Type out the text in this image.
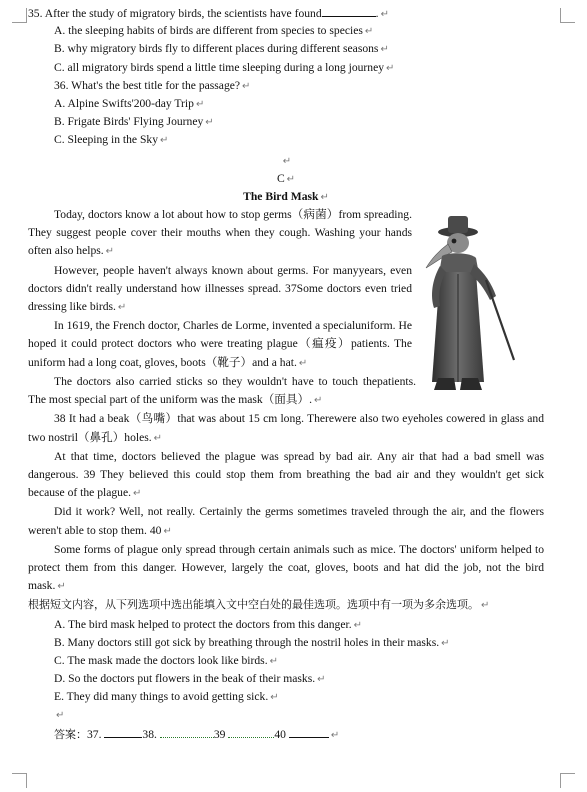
35. After the study of migratory birds, the scientists have found	. ↵
A. the sleeping habits of birds are different from species to species ↵
B. why migratory birds fly to different places during different seasons ↵
C. all migratory birds spend a little time sleeping during a long journey ↵
36. What's the best title for the passage? ↵
A. Alpine Swifts'200-day Trip ↵
B. Frigate Birds' Flying Journey ↵
C. Sleeping in the Sky ↵
↵
C ↵
The Bird Mask ↵

Today, doctors know a lot about how to stop germs（病菌）from spreading. They suggest people cover their mouths when they cough. Washing your hands often also helps. ↵

However, people haven't always known about germs. For manyyears, even doctors didn't really understand how illnesses spread. 37Some doctors even tried dressing like birds. ↵

In 1619, the French doctor, Charles de Lorme, invented a specialuniform. He hoped it could protect doctors who were treating plague（瘟疫）patients. The uniform had a long coat, gloves, boots（靴子）and a hat. ↵

The doctors also carried sticks so they wouldn't have to touch thepatients. The most special part of the uniform was the mask（面具）. ↵

38 It had a beak（鸟嘴）that was about 15 cm long. Therewere also two eyeholes cowered in glass and two nostril（鼻孔）holes. ↵

At that time, doctors believed the plague was spread by bad air. Any air that had a bad smell was dangerous. 39 They believed this could stop them from breathing the bad air and they wouldn't get sick because of the plague. ↵

Did it work? Well, not really. Certainly the germs sometimes traveled through the air, and the flowers weren't able to stop them. 40 ↵

Some forms of plague only spread through certain animals such as mice. The doctors' uniform helped to protect them from this danger. However, largely the coat, gloves, boots and hat did the job, not the bird mask. ↵

根据短文内容，从下列选项中选出能填入文中空白处的最佳选项。选项中有一项为多余选项。 ↵

A. The bird mask helped to protect the doctors from this danger. ↵
B. Many doctors still got sick by breathing through the nostril holes in their masks. ↵
C. The mask made the doctors look like birds. ↵
D. So the doctors put flowers in the beak of their masks. ↵
E. They did many things to avoid getting sick. ↵
↵
答案：37.	38.	39	40	↵
